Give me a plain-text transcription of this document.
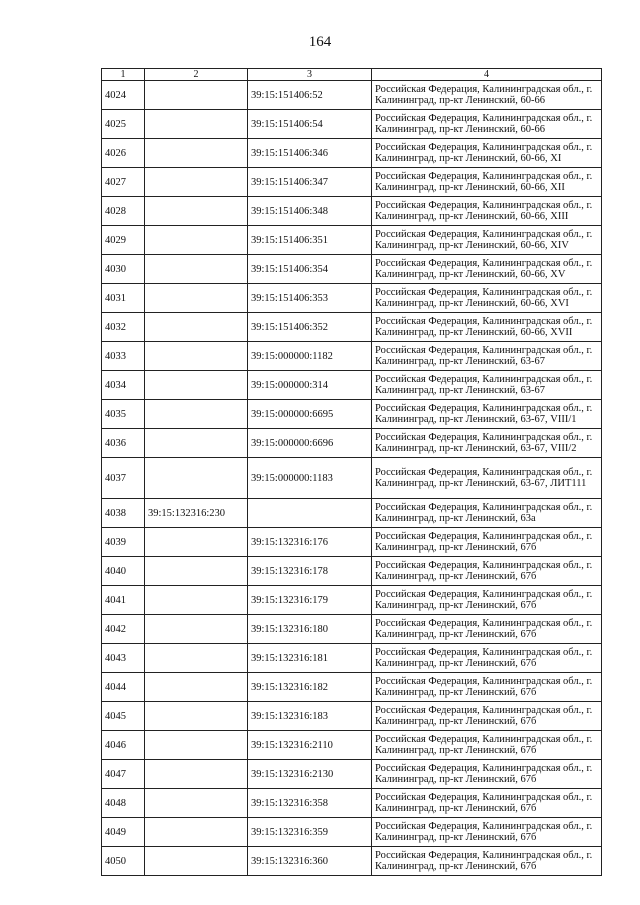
164
1	2	3	4
4024		39:15:151406:52	Российская Федерация, Калининградская обл., г. Калининград, пр-кт Ленинский, 60-66
4025		39:15:151406:54	Российская Федерация, Калининградская обл., г. Калининград, пр-кт Ленинский, 60-66
4026		39:15:151406:346	Российская Федерация, Калининградская обл., г. Калининград, пр-кт Ленинский, 60-66, XI
4027		39:15:151406:347	Российская Федерация, Калининградская обл., г. Калининград, пр-кт Ленинский, 60-66, XII
4028		39:15:151406:348	Российская Федерация, Калининградская обл., г. Калининград, пр-кт Ленинский, 60-66, XIII
4029		39:15:151406:351	Российская Федерация, Калининградская обл., г. Калининград, пр-кт Ленинский, 60-66, XIV
4030		39:15:151406:354	Российская Федерация, Калининградская обл., г. Калининград, пр-кт Ленинский, 60-66, XV
4031		39:15:151406:353	Российская Федерация, Калининградская обл., г. Калининград, пр-кт Ленинский, 60-66, XVI
4032		39:15:151406:352	Российская Федерация, Калининградская обл., г. Калининград, пр-кт Ленинский, 60-66, XVII
4033		39:15:000000:1182	Российская Федерация, Калининградская обл., г. Калининград, пр-кт Ленинский, 63-67
4034		39:15:000000:314	Российская Федерация, Калининградская обл., г. Калининград, пр-кт Ленинский, 63-67
4035		39:15:000000:6695	Российская Федерация, Калининградская обл., г. Калининград, пр-кт Ленинский, 63-67, VIII/1
4036		39:15:000000:6696	Российская Федерация, Калининградская обл., г. Калининград, пр-кт Ленинский, 63-67, VIII/2
4037		39:15:000000:1183	Российская Федерация, Калининградская обл., г. Калининград, пр-кт Ленинский, 63-67, ЛИТ111
4038	39:15:132316:230		Российская Федерация, Калининградская обл., г. Калининград, пр-кт Ленинский, 63а
4039		39:15:132316:176	Российская Федерация, Калининградская обл., г. Калининград, пр-кт Ленинский, 67б
4040		39:15:132316:178	Российская Федерация, Калининградская обл., г. Калининград, пр-кт Ленинский, 67б
4041		39:15:132316:179	Российская Федерация, Калининградская обл., г. Калининград, пр-кт Ленинский, 67б
4042		39:15:132316:180	Российская Федерация, Калининградская обл., г. Калининград, пр-кт Ленинский, 67б
4043		39:15:132316:181	Российская Федерация, Калининградская обл., г. Калининград, пр-кт Ленинский, 67б
4044		39:15:132316:182	Российская Федерация, Калининградская обл., г. Калининград, пр-кт Ленинский, 67б
4045		39:15:132316:183	Российская Федерация, Калининградская обл., г. Калининград, пр-кт Ленинский, 67б
4046		39:15:132316:2110	Российская Федерация, Калининградская обл., г. Калининград, пр-кт Ленинский, 67б
4047		39:15:132316:2130	Российская Федерация, Калининградская обл., г. Калининград, пр-кт Ленинский, 67б
4048		39:15:132316:358	Российская Федерация, Калининградская обл., г. Калининград, пр-кт Ленинский, 67б
4049		39:15:132316:359	Российская Федерация, Калининградская обл., г. Калининград, пр-кт Ленинский, 67б
4050		39:15:132316:360	Российская Федерация, Калининградская обл., г. Калининград, пр-кт Ленинский, 67б
